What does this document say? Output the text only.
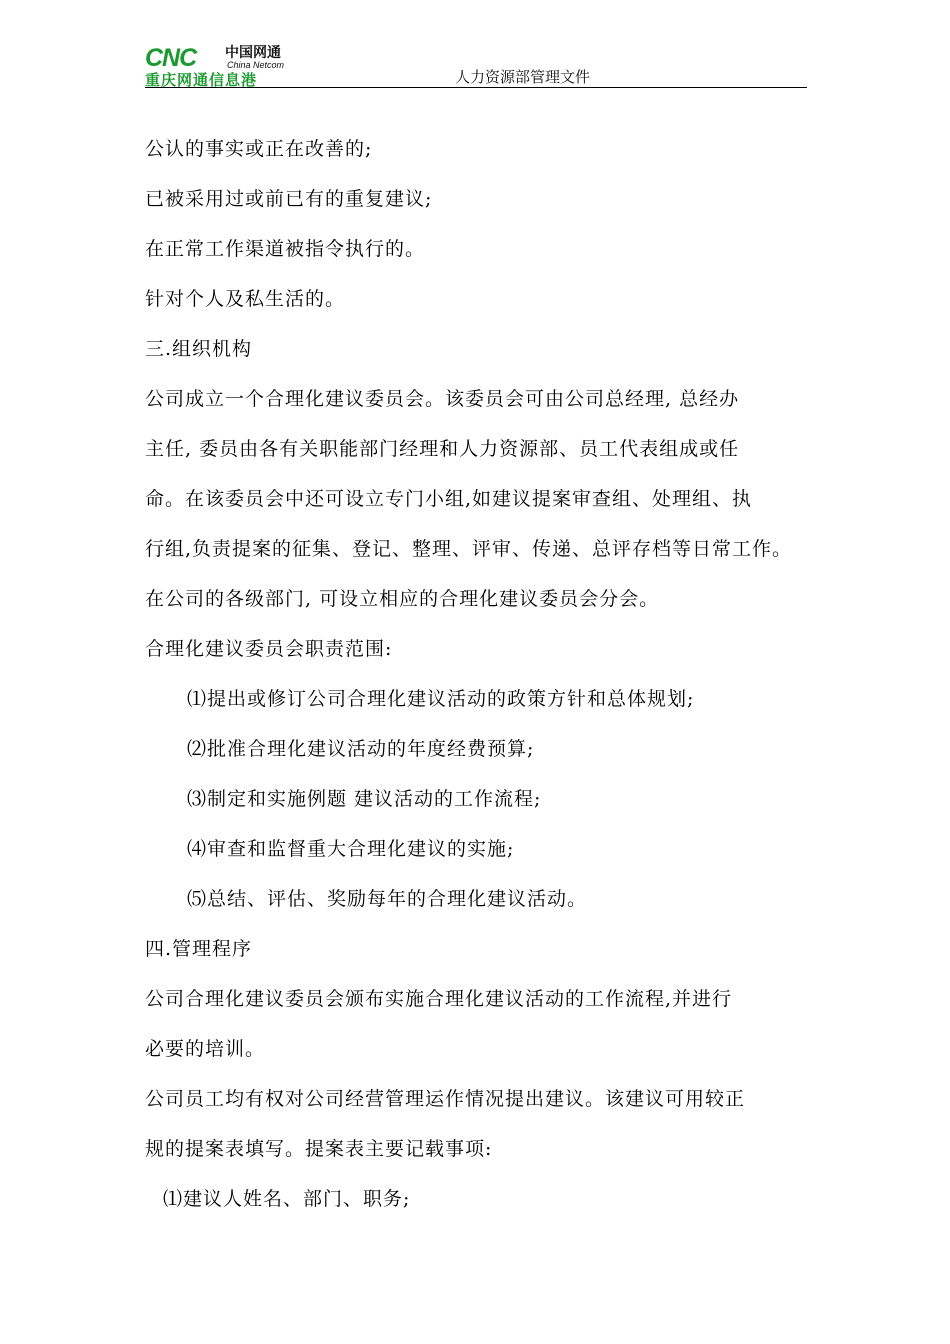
CNC 中国网通
China Netcom
重庆网通信息港	人力资源部管理文件
公认的事实或正在改善的;
已被采用过或前已有的重复建议;
在正常工作渠道被指令执行的。
针对个人及私生活的。
三.组织机构
公司成立一个合理化建议委员会。该委员会可由公司总经理, 总经办
主任, 委员由各有关职能部门经理和人力资源部、员工代表组成或任
命。在该委员会中还可设立专门小组,如建议提案审查组、处理组、执
行组,负责提案的征集、登记、整理、评审、传递、总评存档等日常工作。
在公司的各级部门, 可设立相应的合理化建议委员会分会。
合理化建议委员会职责范围:
⑴提出或修订公司合理化建议活动的政策方针和总体规划;
⑵批准合理化建议活动的年度经费预算;
⑶制定和实施例题 建议活动的工作流程;
⑷审查和监督重大合理化建议的实施;
⑸总结、评估、奖励每年的合理化建议活动。
四.管理程序
公司合理化建议委员会颁布实施合理化建议活动的工作流程,并进行
必要的培训。
公司员工均有权对公司经营管理运作情况提出建议。该建议可用较正
规的提案表填写。提案表主要记载事项:
⑴建议人姓名、部门、职务;
